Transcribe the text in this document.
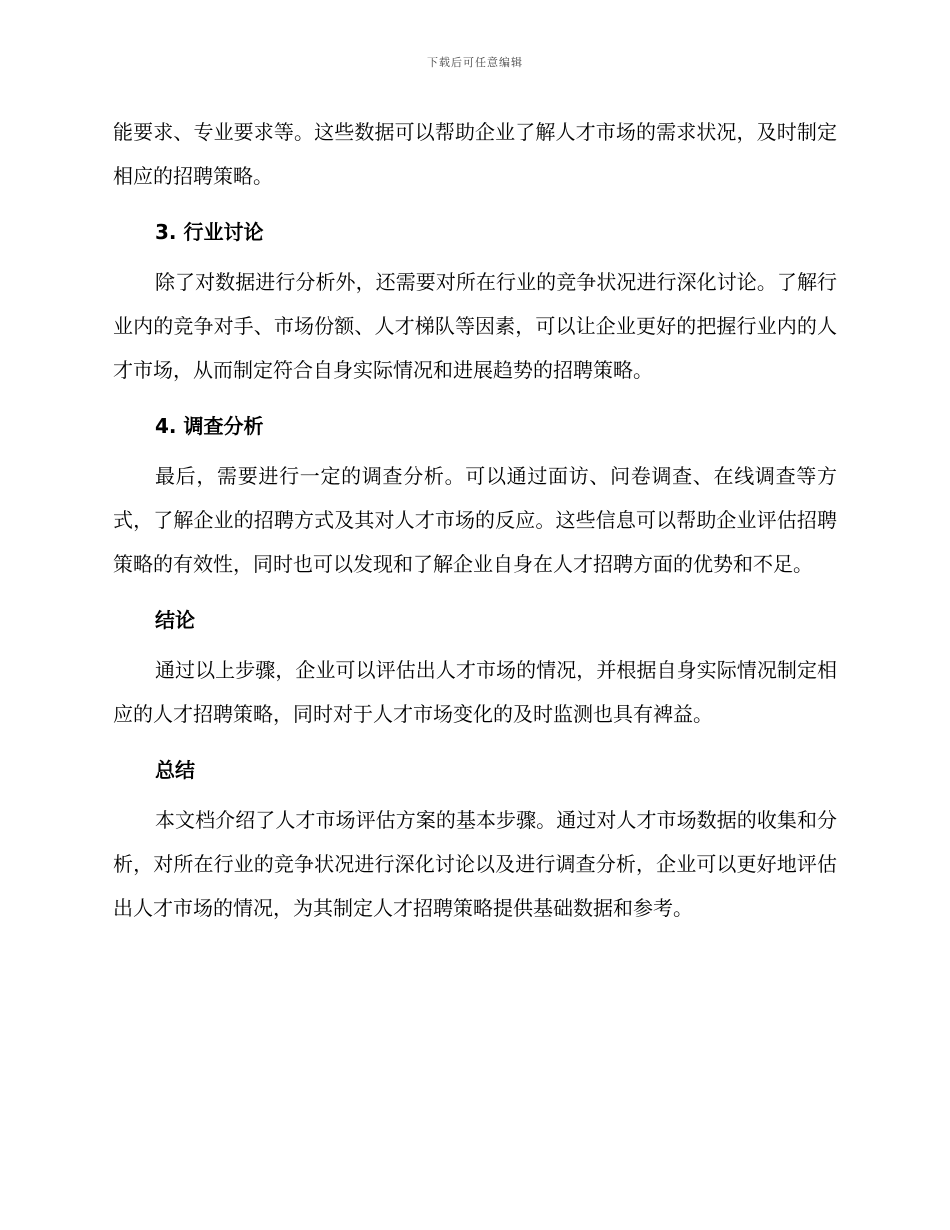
下载后可任意编辑

能要求、专业要求等。这些数据可以帮助企业了解人才市场的需求状况，及时制定相应的招聘策略。

3. 行业讨论

除了对数据进行分析外，还需要对所在行业的竞争状况进行深化讨论。了解行业内的竞争对手、市场份额、人才梯队等因素，可以让企业更好的把握行业内的人才市场，从而制定符合自身实际情况和进展趋势的招聘策略。

4. 调查分析

最后，需要进行一定的调查分析。可以通过面访、问卷调查、在线调查等方式，了解企业的招聘方式及其对人才市场的反应。这些信息可以帮助企业评估招聘策略的有效性，同时也可以发现和了解企业自身在人才招聘方面的优势和不足。

结论

通过以上步骤，企业可以评估出人才市场的情况，并根据自身实际情况制定相应的人才招聘策略，同时对于人才市场变化的及时监测也具有裨益。

总结

本文档介绍了人才市场评估方案的基本步骤。通过对人才市场数据的收集和分析，对所在行业的竞争状况进行深化讨论以及进行调查分析，企业可以更好地评估出人才市场的情况，为其制定人才招聘策略提供基础数据和参考。
